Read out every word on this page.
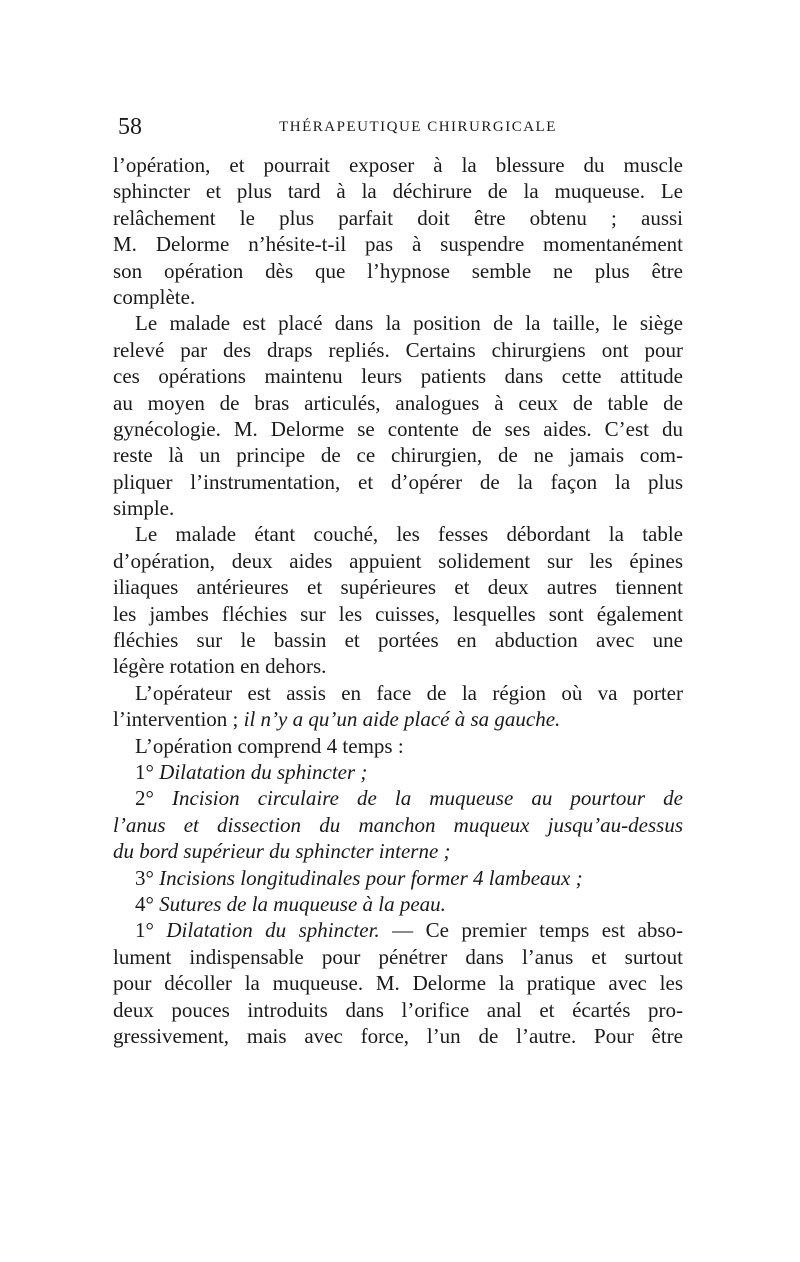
58	THÉRAPEUTIQUE CHIRURGICALE
l’opération, et pourrait exposer à la blessure du muscle
sphincter et plus tard à la déchirure de la muqueuse. Le
relâchement le plus parfait doit être obtenu ; aussi
M. Delorme n’hésite-t-il pas à suspendre momentanément
son opération dès que l’hypnose semble ne plus être
complète.
Le malade est placé dans la position de la taille, le siège
relevé par des draps repliés. Certains chirurgiens ont pour
ces opérations maintenu leurs patients dans cette attitude
au moyen de bras articulés, analogues à ceux de table de
gynécologie. M. Delorme se contente de ses aides. C’est du
reste là un principe de ce chirurgien, de ne jamais com-
pliquer l’instrumentation, et d’opérer de la façon la plus
simple.
Le malade étant couché, les fesses débordant la table
d’opération, deux aides appuient solidement sur les épines
iliaques antérieures et supérieures et deux autres tiennent
les jambes fléchies sur les cuisses, lesquelles sont également
fléchies sur le bassin et portées en abduction avec une
légère rotation en dehors.
L’opérateur est assis en face de la région où va porter
l’intervention ; il n’y a qu’un aide placé à sa gauche.
L’opération comprend 4 temps :
1° Dilatation du sphincter ;
2° Incision circulaire de la muqueuse au pourtour de
l’anus et dissection du manchon muqueux jusqu’au-dessus
du bord supérieur du sphincter interne ;
3° Incisions longitudinales pour former 4 lambeaux ;
4° Sutures de la muqueuse à la peau.
1° Dilatation du sphincter. — Ce premier temps est abso-
lument indispensable pour pénétrer dans l’anus et surtout
pour décoller la muqueuse. M. Delorme la pratique avec les
deux pouces introduits dans l’orifice anal et écartés pro-
gressivement, mais avec force, l’un de l’autre. Pour être
